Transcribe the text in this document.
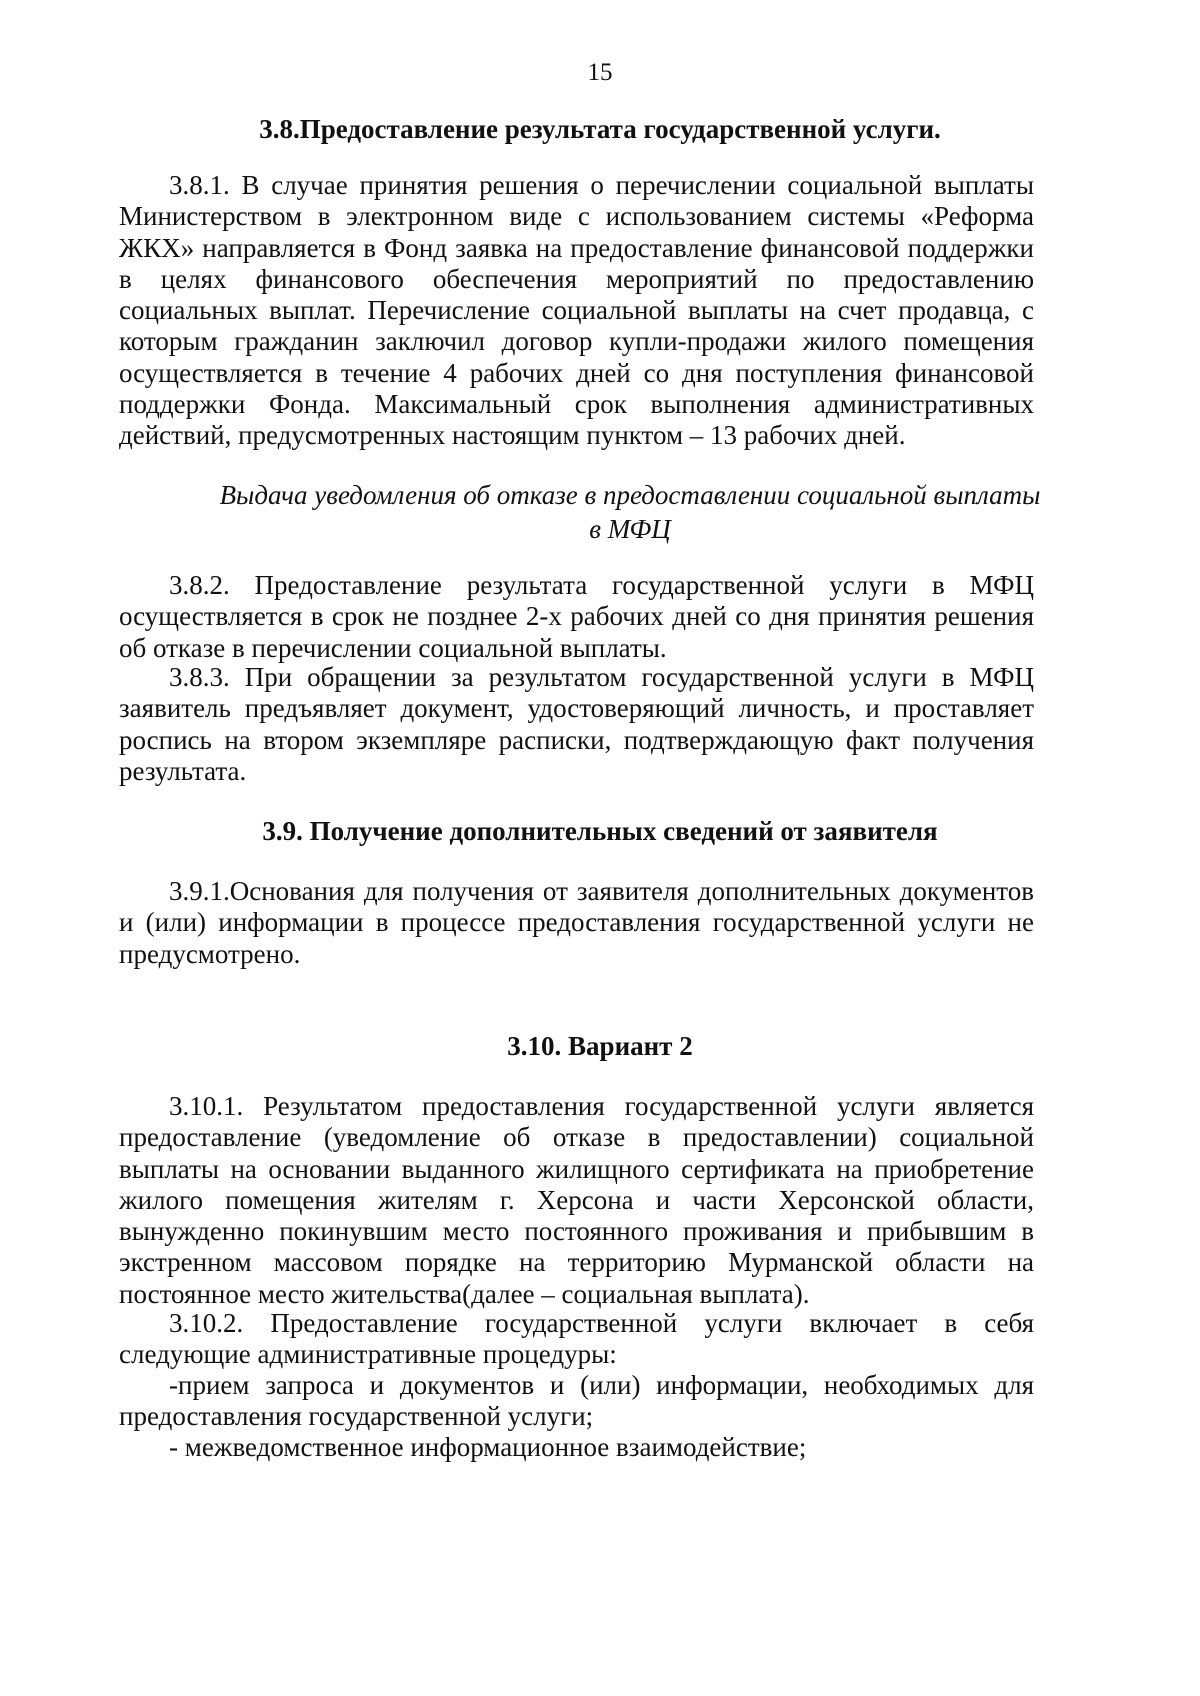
15
3.8.Предоставление результата государственной услуги.

3.8.1. В случае принятия решения о перечислении социальной выплаты Министерством в электронном виде с использованием системы «Реформа ЖКХ» направляется в Фонд заявка на предоставление финансовой поддержки в целях финансового обеспечения мероприятий по предоставлению социальных выплат. Перечисление социальной выплаты на счет продавца, с которым гражданин заключил договор купли-продажи жилого помещения осуществляется в течение 4 рабочих дней со дня поступления финансовой поддержки Фонда. Максимальный срок выполнения административных действий, предусмотренных настоящим пунктом – 13 рабочих дней.

Выдача уведомления об отказе в предоставлении социальной выплаты
в МФЦ

3.8.2. Предоставление результата государственной услуги в МФЦ осуществляется в срок не позднее 2-х рабочих дней со дня принятия решения об отказе в перечислении социальной выплаты.

3.8.3. При обращении за результатом государственной услуги в МФЦ заявитель предъявляет документ, удостоверяющий личность, и проставляет роспись на втором экземпляре расписки, подтверждающую факт получения результата.

3.9. Получение дополнительных сведений от заявителя

3.9.1.Основания для получения от заявителя дополнительных документов и (или) информации в процессе предоставления государственной услуги не предусмотрено.

3.10. Вариант 2

3.10.1. Результатом предоставления государственной услуги является предоставление (уведомление об отказе в предоставлении) социальной выплаты на основании выданного жилищного сертификата на приобретение жилого помещения жителям г. Херсона и части Херсонской области, вынужденно покинувшим место постоянного проживания и прибывшим в экстренном массовом порядке на территорию Мурманской области на постоянное место жительства(далее – социальная выплата).

3.10.2. Предоставление государственной услуги включает в себя следующие административные процедуры:

-прием запроса и документов и (или) информации, необходимых для предоставления государственной услуги;

- межведомственное информационное взаимодействие;
